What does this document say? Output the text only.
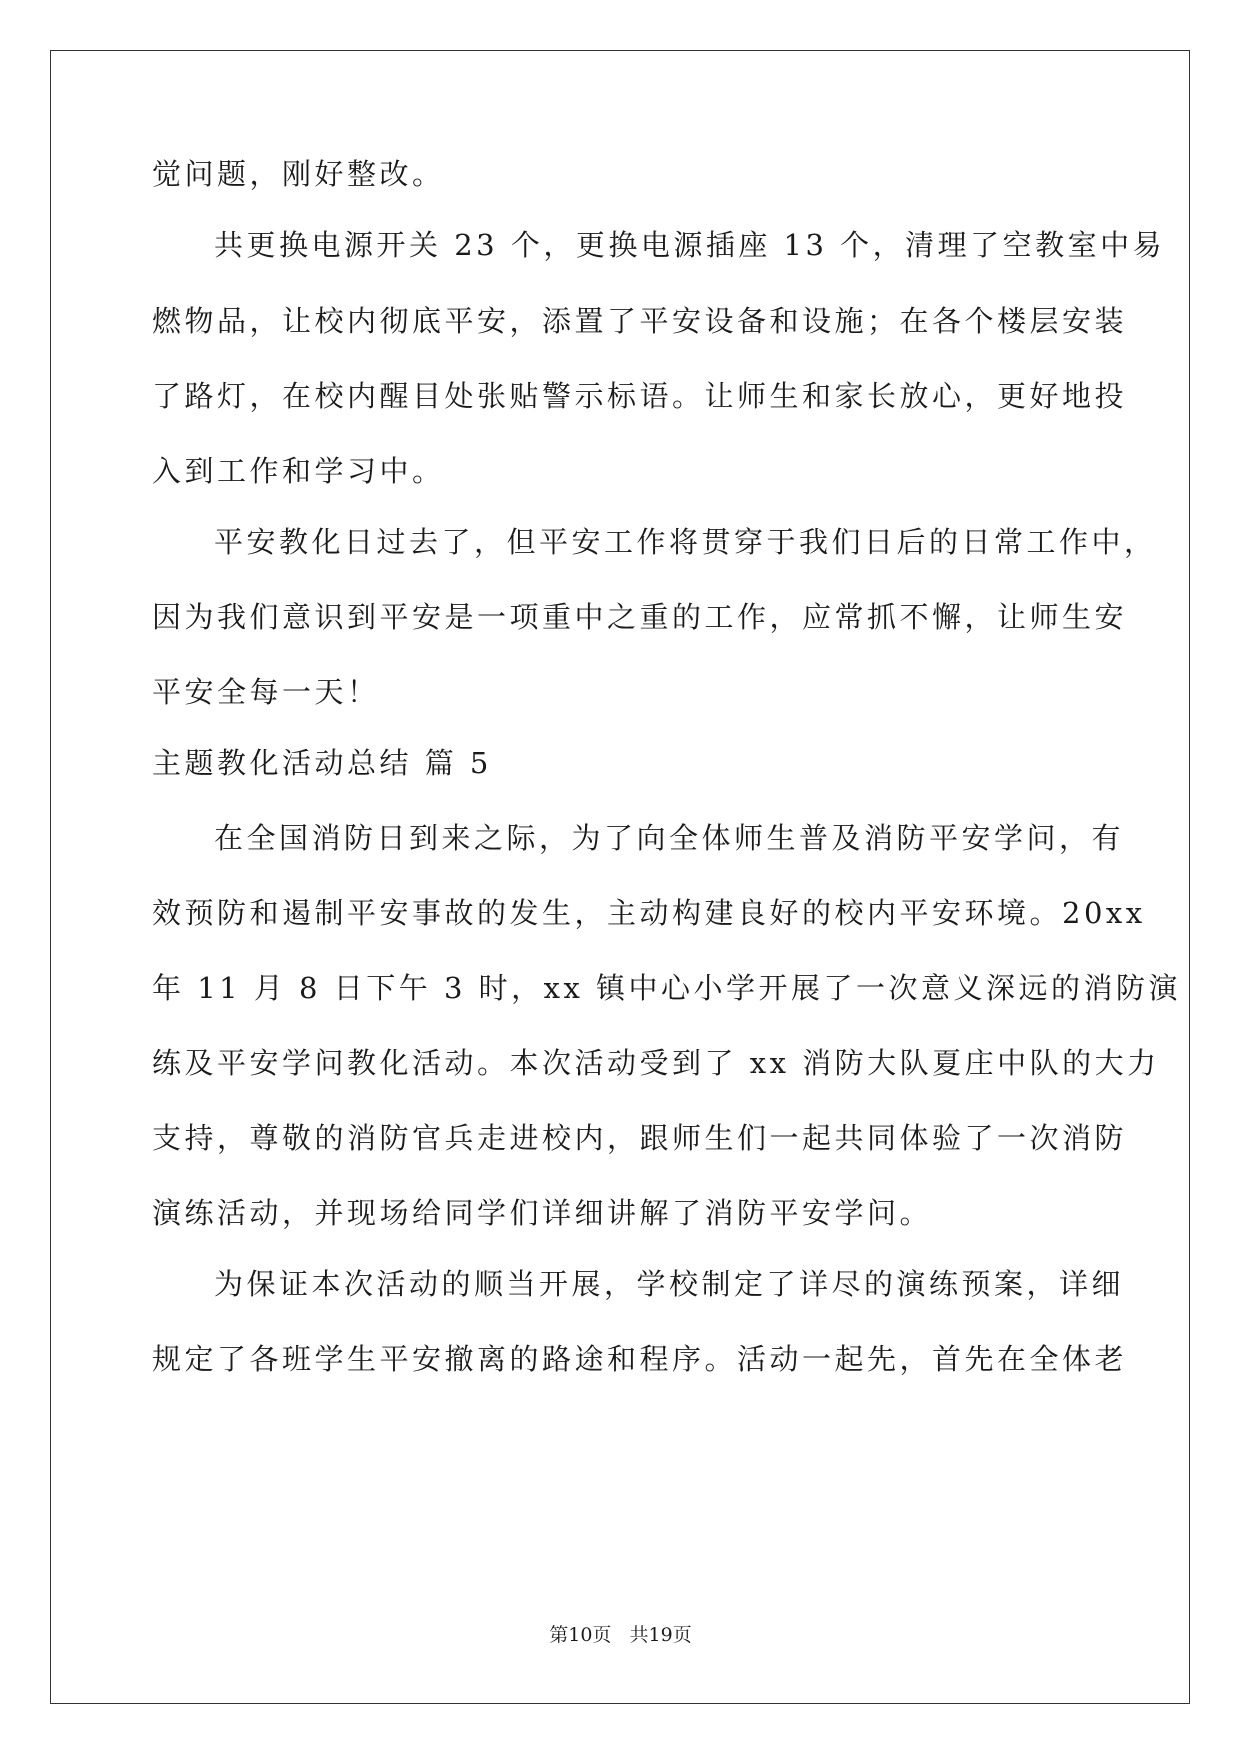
觉问题，刚好整改。
共更换电源开关 23 个，更换电源插座 13 个，清理了空教室中易
燃物品，让校内彻底平安，添置了平安设备和设施；在各个楼层安装
了路灯，在校内醒目处张贴警示标语。让师生和家长放心，更好地投
入到工作和学习中。
平安教化日过去了，但平安工作将贯穿于我们日后的日常工作中，
因为我们意识到平安是一项重中之重的工作，应常抓不懈，让师生安
平安全每一天！
主题教化活动总结 篇 5
在全国消防日到来之际，为了向全体师生普及消防平安学问，有
效预防和遏制平安事故的发生，主动构建良好的校内平安环境。20xx
年 11 月 8 日下午 3 时，xx 镇中心小学开展了一次意义深远的消防演
练及平安学问教化活动。本次活动受到了 xx 消防大队夏庄中队的大力
支持，尊敬的消防官兵走进校内，跟师生们一起共同体验了一次消防
演练活动，并现场给同学们详细讲解了消防平安学问。
为保证本次活动的顺当开展，学校制定了详尽的演练预案，详细
规定了各班学生平安撤离的路途和程序。活动一起先，首先在全体老
第10页   共19页
